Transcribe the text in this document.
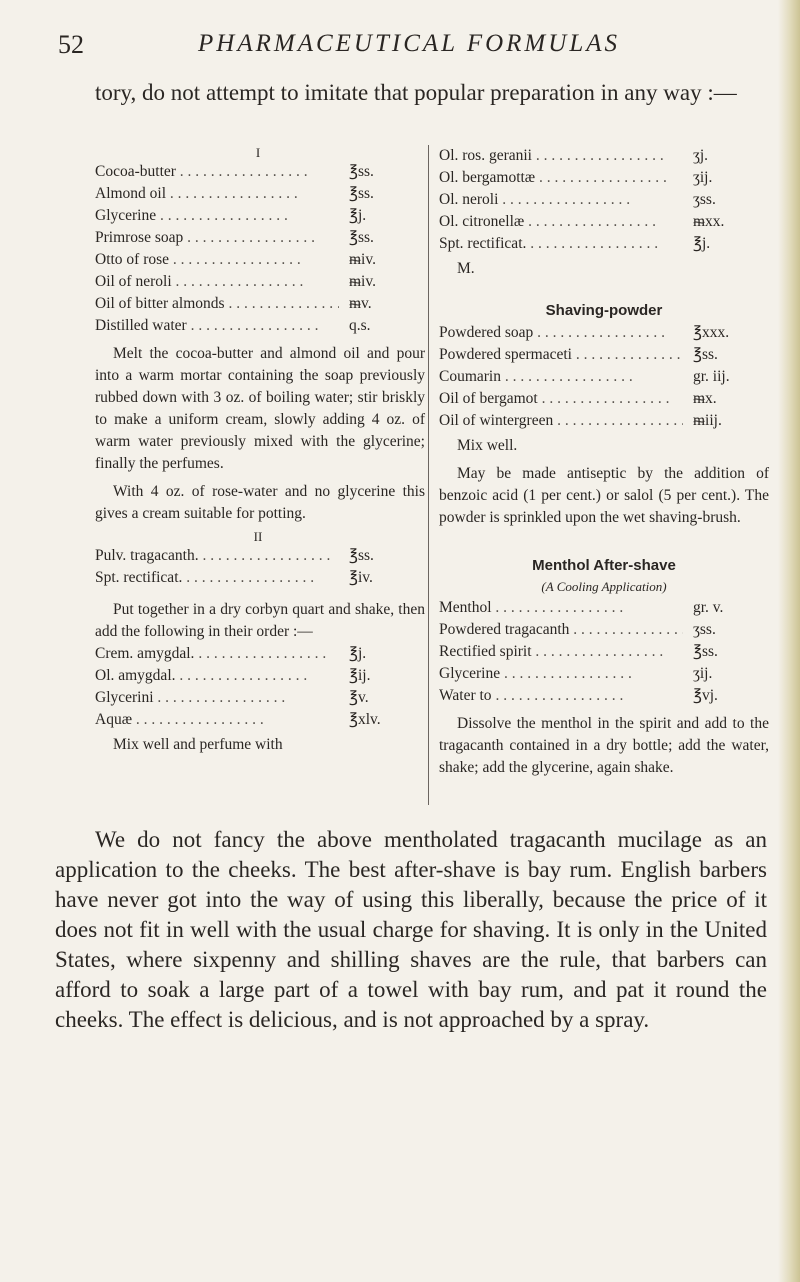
52	PHARMACEUTICAL FORMULAS
tory, do not attempt to imitate that popular preparation in any way :—
I
Cocoa-butter . .	℥ss.
Almond oil . .	℥ss.
Glycerine . .	℥j.
Primrose soap . .	℥ss.
Otto of rose . .	ᵯiv.
Oil of neroli . .	ᵯiv.
Oil of bitter almonds . .	ᵯv.
Distilled water . .	q.s.
Melt the cocoa-butter and almond oil and pour into a warm mortar containing the soap previously rubbed down with 3 oz. of boiling water; stir briskly to make a uniform cream, slowly adding 4 oz. of warm water previously mixed with the glycerine; finally the perfumes.
With 4 oz. of rose-water and no glycerine this gives a cream suitable for potting.
II
Pulv. tragacanth. . .	℥ss.
Spt. rectificat. . .	℥iv.
Put together in a dry corbyn quart and shake, then add the following in their order :—
Crem. amygdal. . .	℥j.
Ol. amygdal. . .	℥ij.
Glycerini . .	℥v.
Aquæ . .	℥xlv.
Mix well and perfume with
Ol. ros. geranii . .	ʒj.
Ol. bergamottæ . .	ʒij.
Ol. neroli . .	ʒss.
Ol. citronellæ . .	ᵯxx.
Spt. rectificat. . .	℥j.
M.
Shaving-powder
Powdered soap . .	℥xxx.
Powdered spermaceti . .	℥ss.
Coumarin . .	gr. iij.
Oil of bergamot . .	ᵯx.
Oil of wintergreen . .	ᵯiij.
Mix well.
May be made antiseptic by the addition of benzoic acid (1 per cent.) or salol (5 per cent.). The powder is sprinkled upon the wet shaving-brush.
Menthol After-shave
(A Cooling Application)
Menthol . .	gr. v.
Powdered tragacanth . .	ʒss.
Rectified spirit . .	℥ss.
Glycerine . .	ʒij.
Water to . .	℥vj.
Dissolve the menthol in the spirit and add to the tragacanth contained in a dry bottle; add the water, shake; add the glycerine, again shake.
We do not fancy the above mentholated tragacanth mucilage as an application to the cheeks. The best after-shave is bay rum. English barbers have never got into the way of using this liberally, because the price of it does not fit in well with the usual charge for shaving. It is only in the United States, where sixpenny and shilling shaves are the rule, that barbers can afford to soak a large part of a towel with bay rum, and pat it round the cheeks. The effect is delicious, and is not approached by a spray.
